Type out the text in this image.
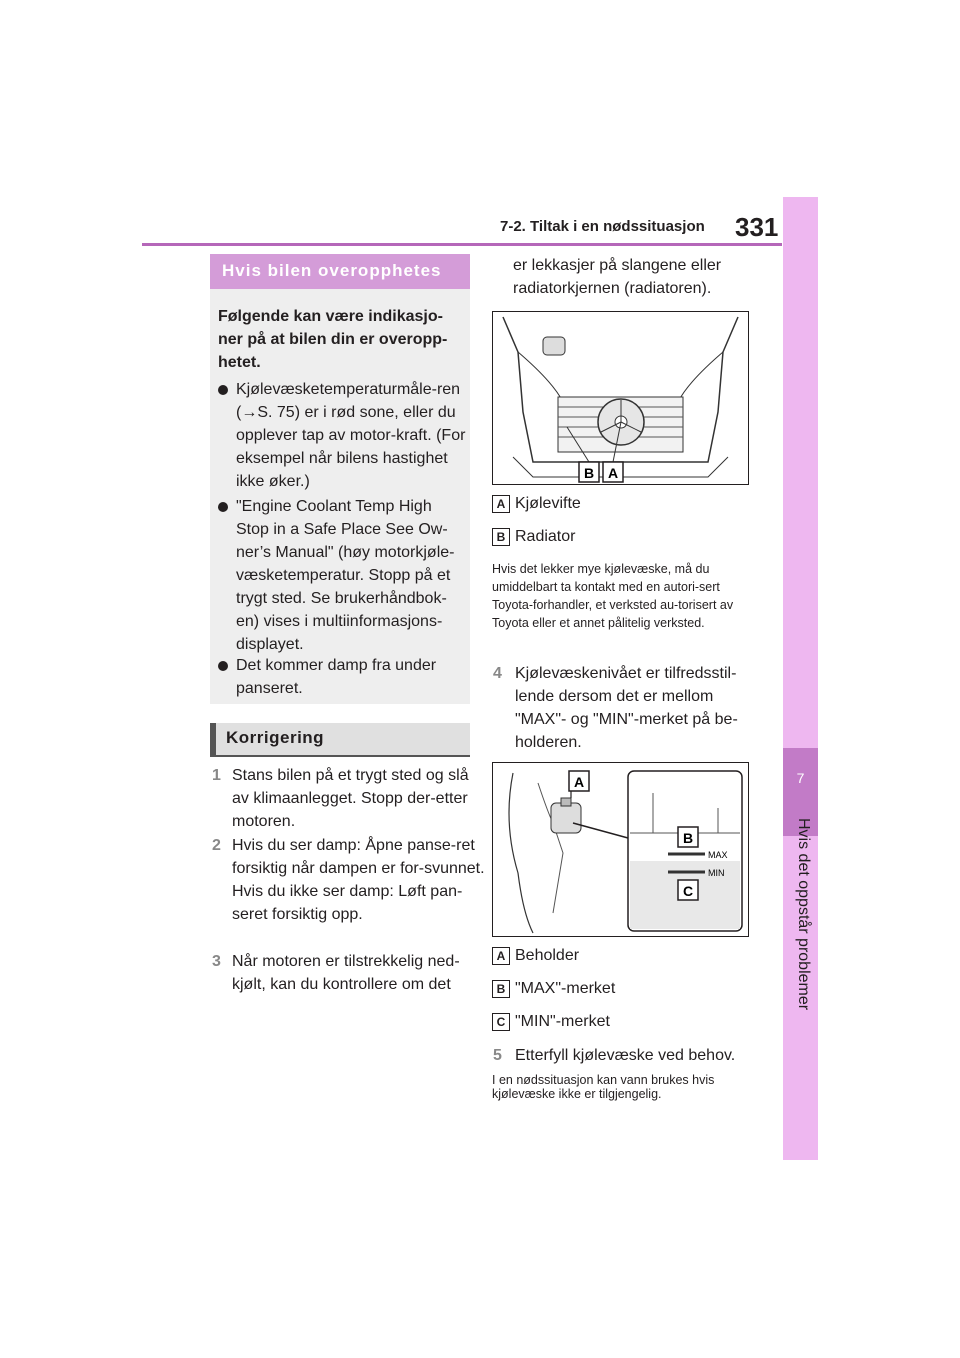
7-2. Tiltak i en nødssituasjon 331
7
Hvis det oppstår problemer
Hvis bilen overopphetes
Følgende kan være indikasjo-ner på at bilen din er overopp-hetet.
Kjølevæsketemperaturmåle-ren (→S. 75) er i rød sone, eller du opplever tap av motor-kraft. (For eksempel når bilens hastighet ikke øker.)
"Engine Coolant Temp High Stop in a Safe Place See Ow-ner’s Manual" (høy motorkjøle-væsketemperatur. Stopp på et trygt sted. Se brukerhåndbok-en) vises i multiinformasjons-displayet.
Det kommer damp fra under panseret.
Korrigering
1 Stans bilen på et trygt sted og slå av klimaanlegget. Stopp der-etter motoren.
2 Hvis du ser damp: Åpne panse-ret forsiktig når dampen er for-svunnet. Hvis du ikke ser damp: Løft pan-seret forsiktig opp.
3 Når motoren er tilstrekkelig ned-kjølt, kan du kontrollere om det
er lekkasjer på slangene eller radiatorkjernen (radiatoren).
B A
A Kjølevifte
B Radiator
Hvis det lekker mye kjølevæske, må du umiddelbart ta kontakt med en autori-sert Toyota-forhandler, et verksted au-torisert av Toyota eller et annet pålitelig verksted.
4 Kjølevæskenivået er tilfredsstil-lende dersom det er mellom "MAX"- og "MIN"-merket på be-holderen.
A
MAX
MIN
B
C
A Beholder
B "MAX"-merket
C "MIN"-merket
5 Etterfyll kjølevæske ved behov.
I en nødssituasjon kan vann brukes hvis kjølevæske ikke er tilgjengelig.
